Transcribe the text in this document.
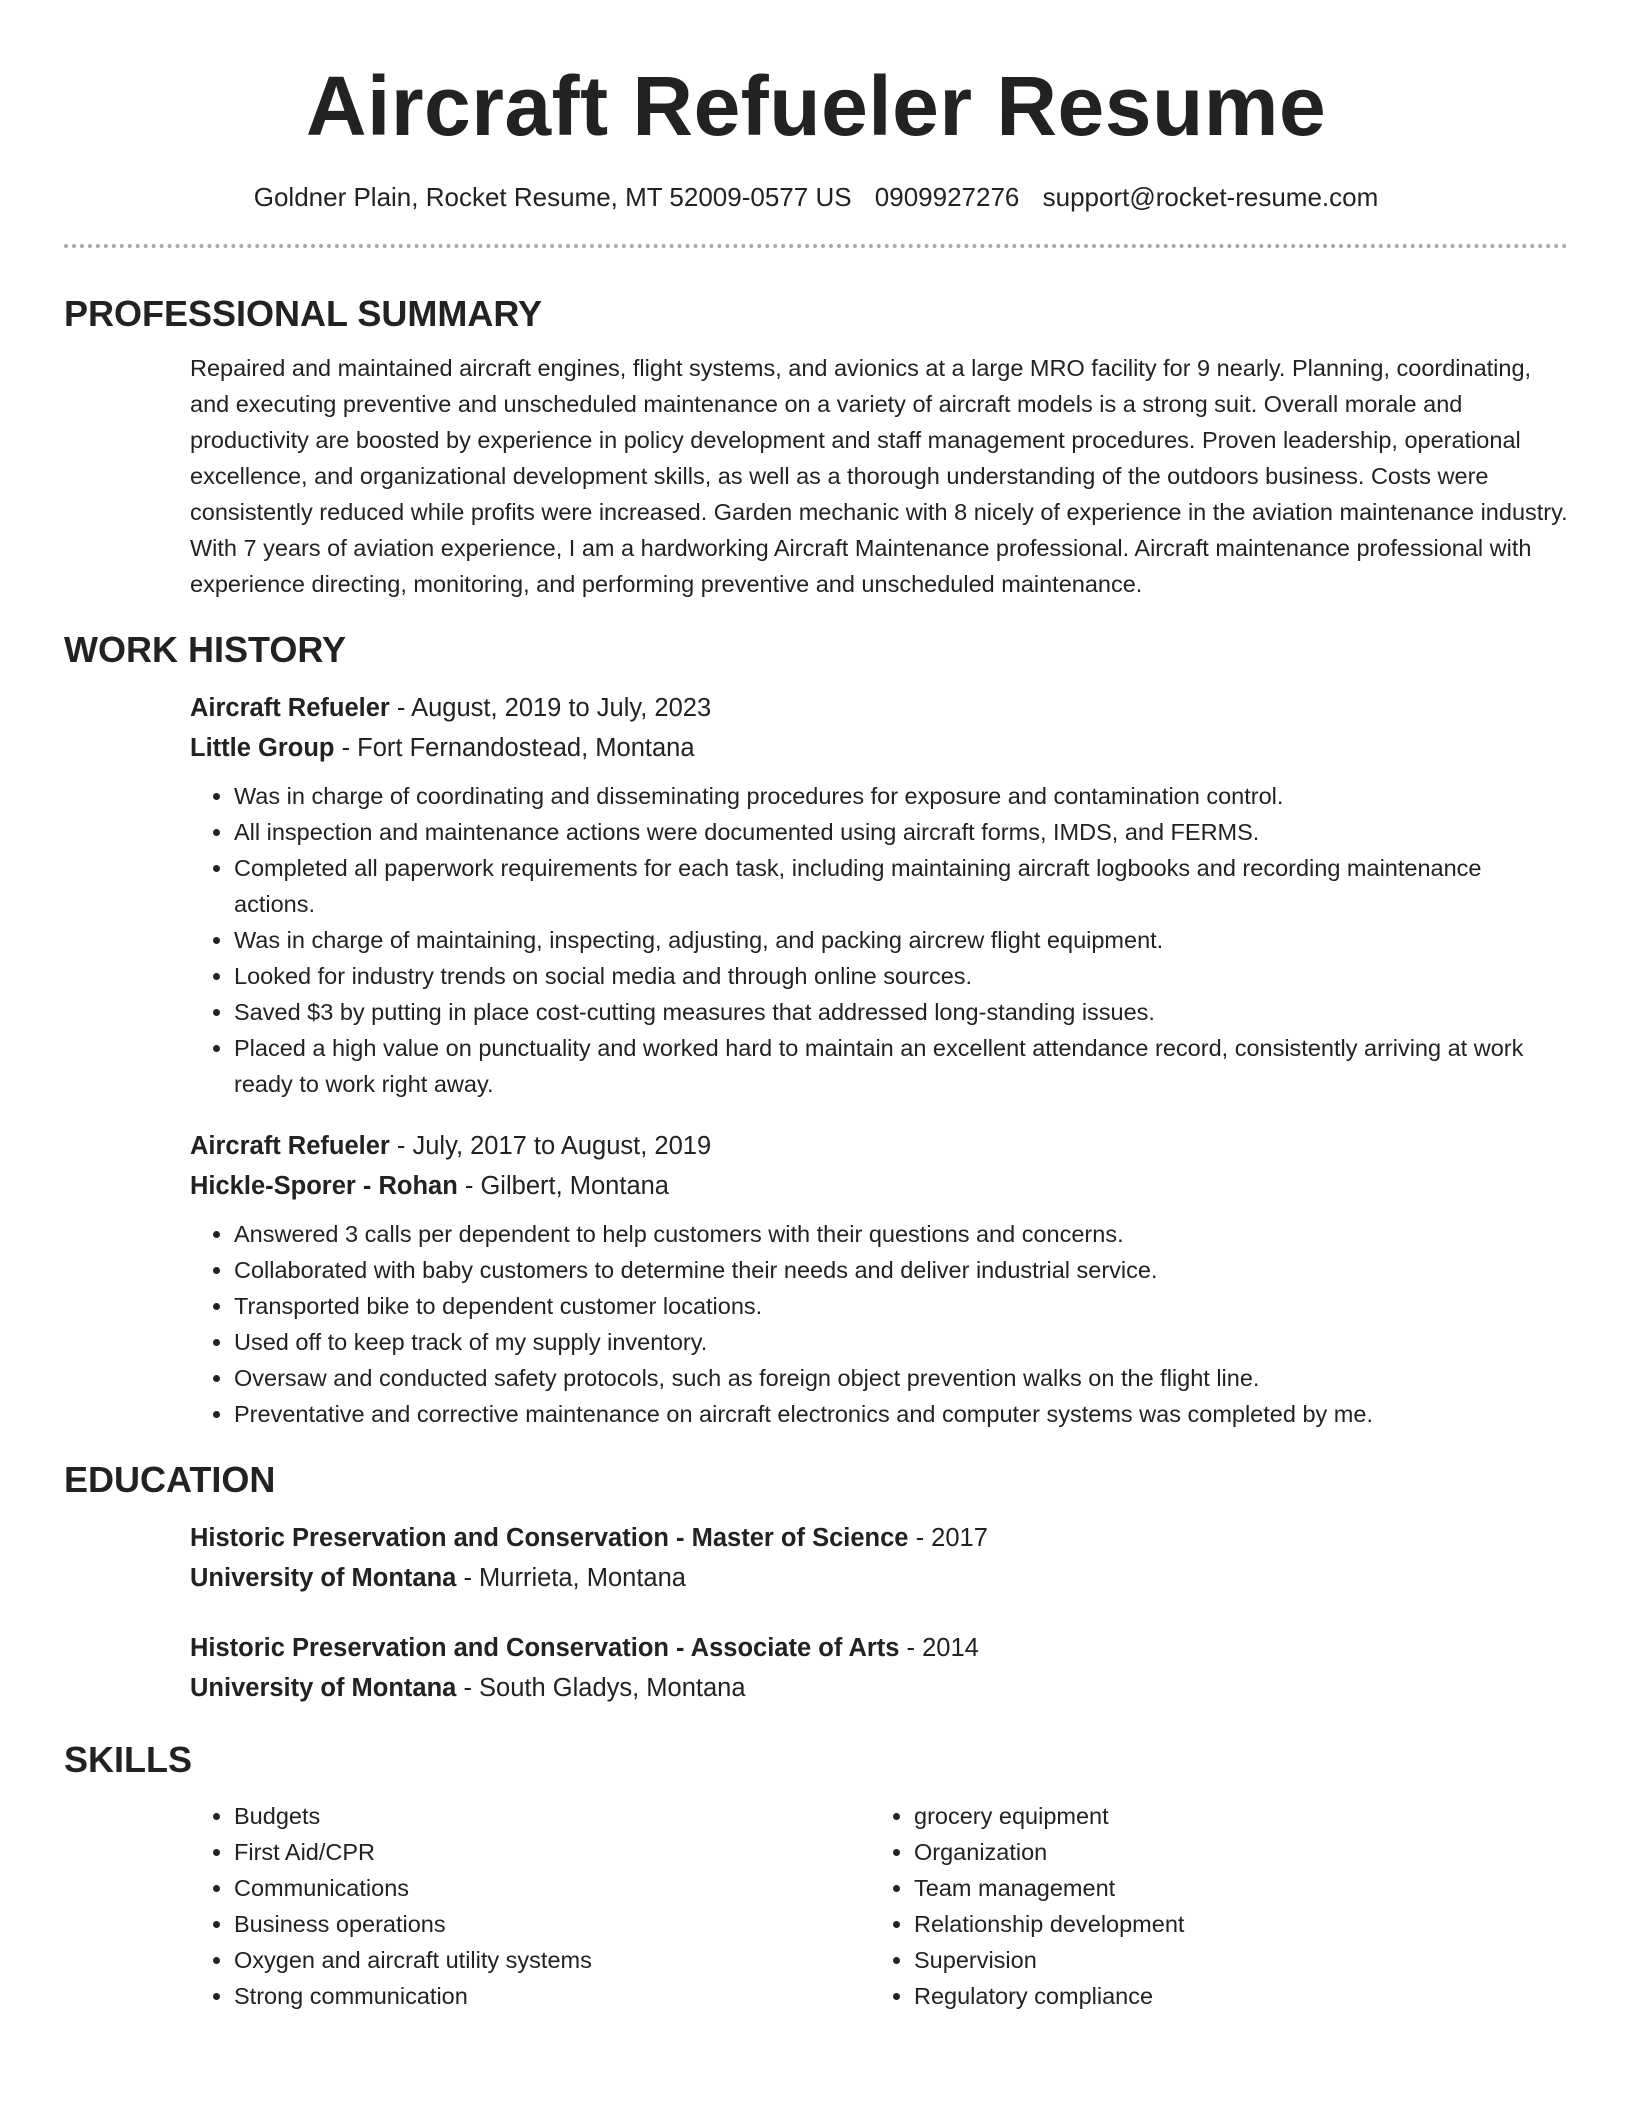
Aircraft Refueler Resume
Goldner Plain, Rocket Resume, MT 52009-0577 US 0909927276 support@rocket-resume.com
PROFESSIONAL SUMMARY

Repaired and maintained aircraft engines, flight systems, and avionics at a large MRO facility for 9 nearly. Planning, coordinating, and executing preventive and unscheduled maintenance on a variety of aircraft models is a strong suit. Overall morale and productivity are boosted by experience in policy development and staff management procedures. Proven leadership, operational excellence, and organizational development skills, as well as a thorough understanding of the outdoors business. Costs were consistently reduced while profits were increased. Garden mechanic with 8 nicely of experience in the aviation maintenance industry. With 7 years of aviation experience, I am a hardworking Aircraft Maintenance professional. Aircraft maintenance professional with experience directing, monitoring, and performing preventive and unscheduled maintenance.

WORK HISTORY

Aircraft Refueler - August, 2019 to July, 2023

Little Group - Fort Fernandostead, Montana

• Was in charge of coordinating and disseminating procedures for exposure and contamination control.
• All inspection and maintenance actions were documented using aircraft forms, IMDS, and FERMS.
• Completed all paperwork requirements for each task, including maintaining aircraft logbooks and recording maintenance actions.
• Was in charge of maintaining, inspecting, adjusting, and packing aircrew flight equipment.
• Looked for industry trends on social media and through online sources.
• Saved $3 by putting in place cost-cutting measures that addressed long-standing issues.
• Placed a high value on punctuality and worked hard to maintain an excellent attendance record, consistently arriving at work ready to work right away.

Aircraft Refueler - July, 2017 to August, 2019

Hickle-Sporer - Rohan - Gilbert, Montana

• Answered 3 calls per dependent to help customers with their questions and concerns.
• Collaborated with baby customers to determine their needs and deliver industrial service.
• Transported bike to dependent customer locations.
• Used off to keep track of my supply inventory.
• Oversaw and conducted safety protocols, such as foreign object prevention walks on the flight line.
• Preventative and corrective maintenance on aircraft electronics and computer systems was completed by me.
EDUCATION

Historic Preservation and Conservation - Master of Science - 2017

University of Montana - Murrieta, Montana

Historic Preservation and Conservation - Associate of Arts - 2014

University of Montana - South Gladys, Montana

SKILLS
• Budgets
• First Aid/CPR
• Communications
• Business operations
• Oxygen and aircraft utility systems
• Strong communication
• grocery equipment
• Organization
• Team management
• Relationship development
• Supervision
• Regulatory compliance
